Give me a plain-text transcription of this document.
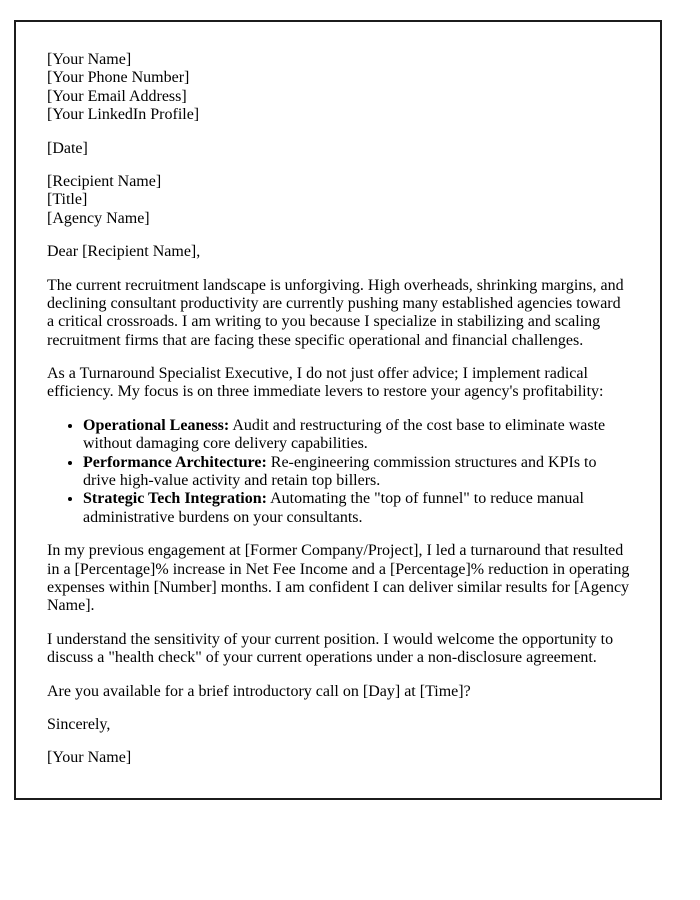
[Your Name]
[Your Phone Number]
[Your Email Address]
[Your LinkedIn Profile]

[Date]

[Recipient Name]
[Title]
[Agency Name]

Dear [Recipient Name],

The current recruitment landscape is unforgiving. High overheads, shrinking margins, and declining consultant productivity are currently pushing many established agencies toward a critical crossroads. I am writing to you because I specialize in stabilizing and scaling recruitment firms that are facing these specific operational and financial challenges.

As a Turnaround Specialist Executive, I do not just offer advice; I implement radical efficiency. My focus is on three immediate levers to restore your agency's profitability:

• Operational Leaness: Audit and restructuring of the cost base to eliminate waste without damaging core delivery capabilities.
• Performance Architecture: Re-engineering commission structures and KPIs to drive high-value activity and retain top billers.
• Strategic Tech Integration: Automating the "top of funnel" to reduce manual administrative burdens on your consultants.

In my previous engagement at [Former Company/Project], I led a turnaround that resulted in a [Percentage]% increase in Net Fee Income and a [Percentage]% reduction in operating expenses within [Number] months. I am confident I can deliver similar results for [Agency Name].

I understand the sensitivity of your current position. I would welcome the opportunity to discuss a "health check" of your current operations under a non-disclosure agreement.

Are you available for a brief introductory call on [Day] at [Time]?

Sincerely,

[Your Name]
